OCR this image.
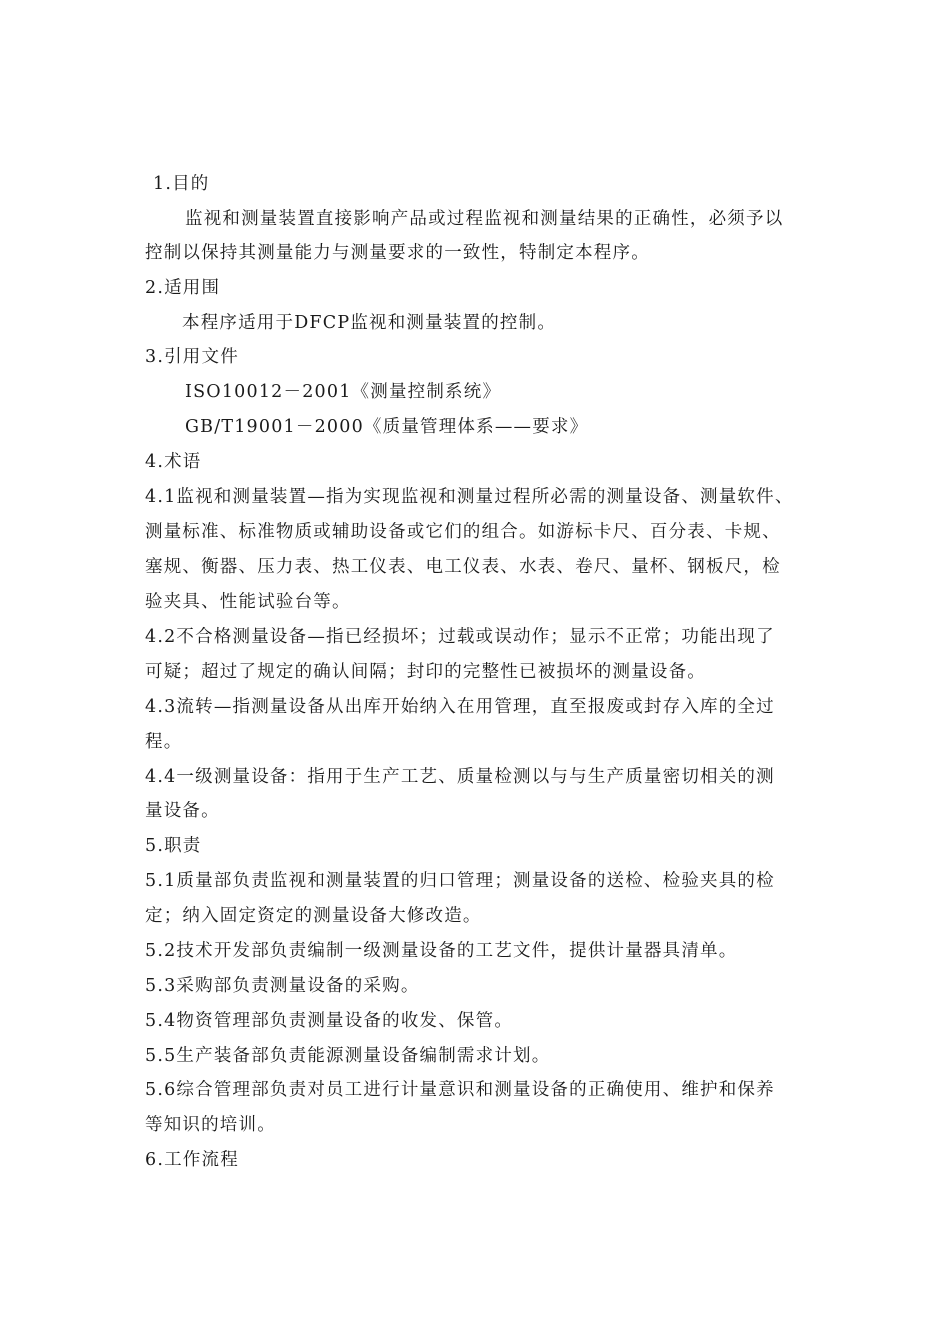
1.目的
监视和测量装置直接影响产品或过程监视和测量结果的正确性，必须予以
控制以保持其测量能力与测量要求的一致性，特制定本程序。
2.适用围
本程序适用于DFCP监视和测量装置的控制。
3.引用文件
ISO10012－2001《测量控制系统》
GB/T19001－2000《质量管理体系——要求》
4.术语
4.1监视和测量装置—指为实现监视和测量过程所必需的测量设备、测量软件、
测量标准、标准物质或辅助设备或它们的组合。如游标卡尺、百分表、卡规、
塞规、衡器、压力表、热工仪表、电工仪表、水表、卷尺、量杯、钢板尺，检
验夹具、性能试验台等。
4.2不合格测量设备—指已经损坏；过载或误动作；显示不正常；功能出现了
可疑；超过了规定的确认间隔；封印的完整性已被损坏的测量设备。
4.3流转—指测量设备从出库开始纳入在用管理，直至报废或封存入库的全过
程。
4.4一级测量设备：指用于生产工艺、质量检测以与与生产质量密切相关的测
量设备。
5.职责
5.1质量部负责监视和测量装置的归口管理；测量设备的送检、检验夹具的检
定；纳入固定资定的测量设备大修改造。
5.2技术开发部负责编制一级测量设备的工艺文件，提供计量器具清单。
5.3采购部负责测量设备的采购。
5.4物资管理部负责测量设备的收发、保管。
5.5生产装备部负责能源测量设备编制需求计划。
5.6综合管理部负责对员工进行计量意识和测量设备的正确使用、维护和保养
等知识的培训。
6.工作流程
